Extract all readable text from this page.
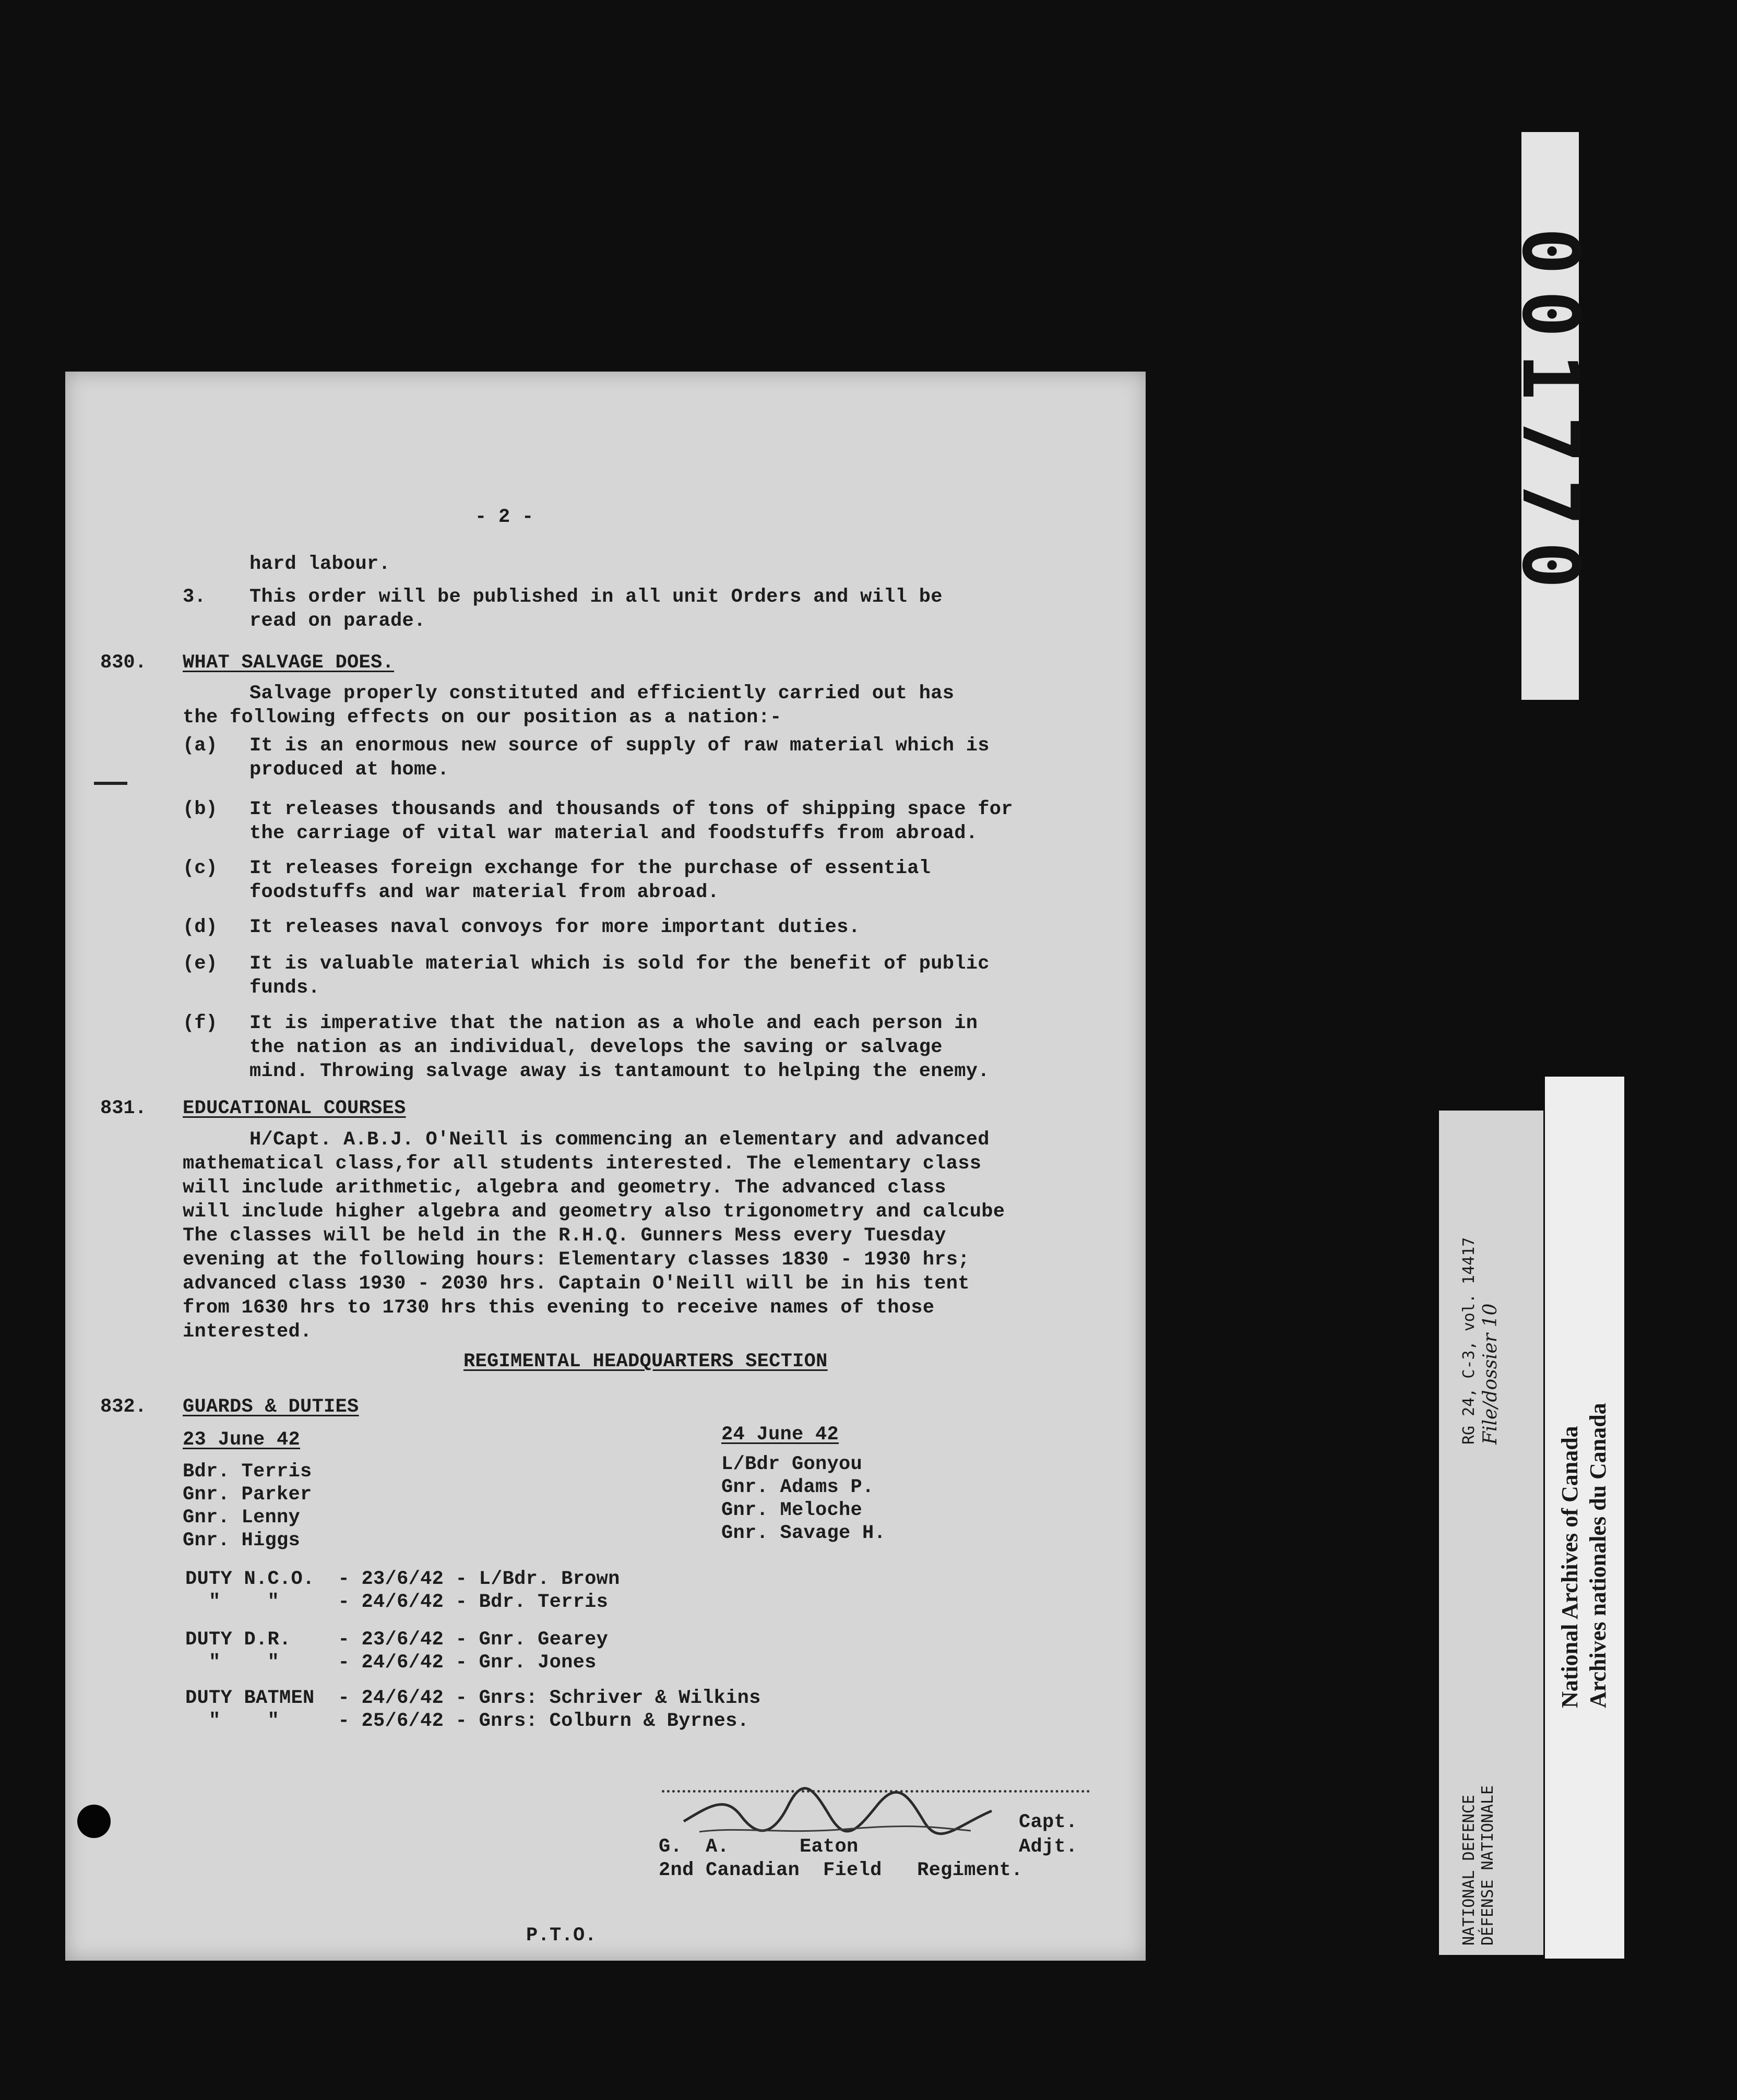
- 2 -
hard labour.
3. This order will be published in all unit Orders and will be
read on parade.
830. WHAT SALVAGE DOES.
Salvage properly constituted and efficiently carried out has
the following effects on our position as a nation:-
(a) It is an enormous new source of supply of raw material which is
produced at home.
(b) It releases thousands and thousands of tons of shipping space for
the carriage of vital war material and foodstuffs from abroad.
(c) It releases foreign exchange for the purchase of essential
foodstuffs and war material from abroad.
(d) It releases naval convoys for more important duties.
(e) It is valuable material which is sold for the benefit of public
funds.
(f) It is imperative that the nation as a whole and each person in
the nation as an individual, develops the saving or salvage
mind. Throwing salvage away is tantamount to helping the enemy.
831. EDUCATIONAL COURSES
H/Capt. A.B.J. O'Neill is commencing an elementary and advanced
mathematical class,for all students interested. The elementary class
will include arithmetic, algebra and geometry. The advanced class
will include higher algebra and geometry also trigonometry and calcube
The classes will be held in the R.H.Q. Gunners Mess every Tuesday
evening at the following hours: Elementary classes 1830 - 1930 hrs;
advanced class 1930 - 2030 hrs. Captain O'Neill will be in his tent
from 1630 hrs to 1730 hrs this evening to receive names of those
interested.
REGIMENTAL HEADQUARTERS SECTION
832. GUARDS & DUTIES
23 June 42
Bdr. Terris
Gnr. Parker
Gnr. Lenny
Gnr. Higgs
24 June 42
L/Bdr Gonyou
Gnr. Adams P.
Gnr. Meloche
Gnr. Savage H.
DUTY N.C.O.  - 23/6/42 - L/Bdr. Brown
"    "     - 24/6/42 - Bdr. Terris
DUTY D.R.    - 23/6/42 - Gnr. Gearey
"    "     - 24/6/42 - Gnr. Jones
DUTY BATMEN  - 24/6/42 - Gnrs: Schriver & Wilkins
"    "     - 25/6/42 - Gnrs: Colburn & Byrnes.
Capt.
G.  A.      Eaton	Adjt.
2nd Canadian  Field   Regiment.
P.T.O.
001770
NATIONAL DEFENCE DÉFENSE NATIONALE
RG 24, C-3, vol. 14417 File/dossier 10
National Archives of Canada Archives nationales du Canada
